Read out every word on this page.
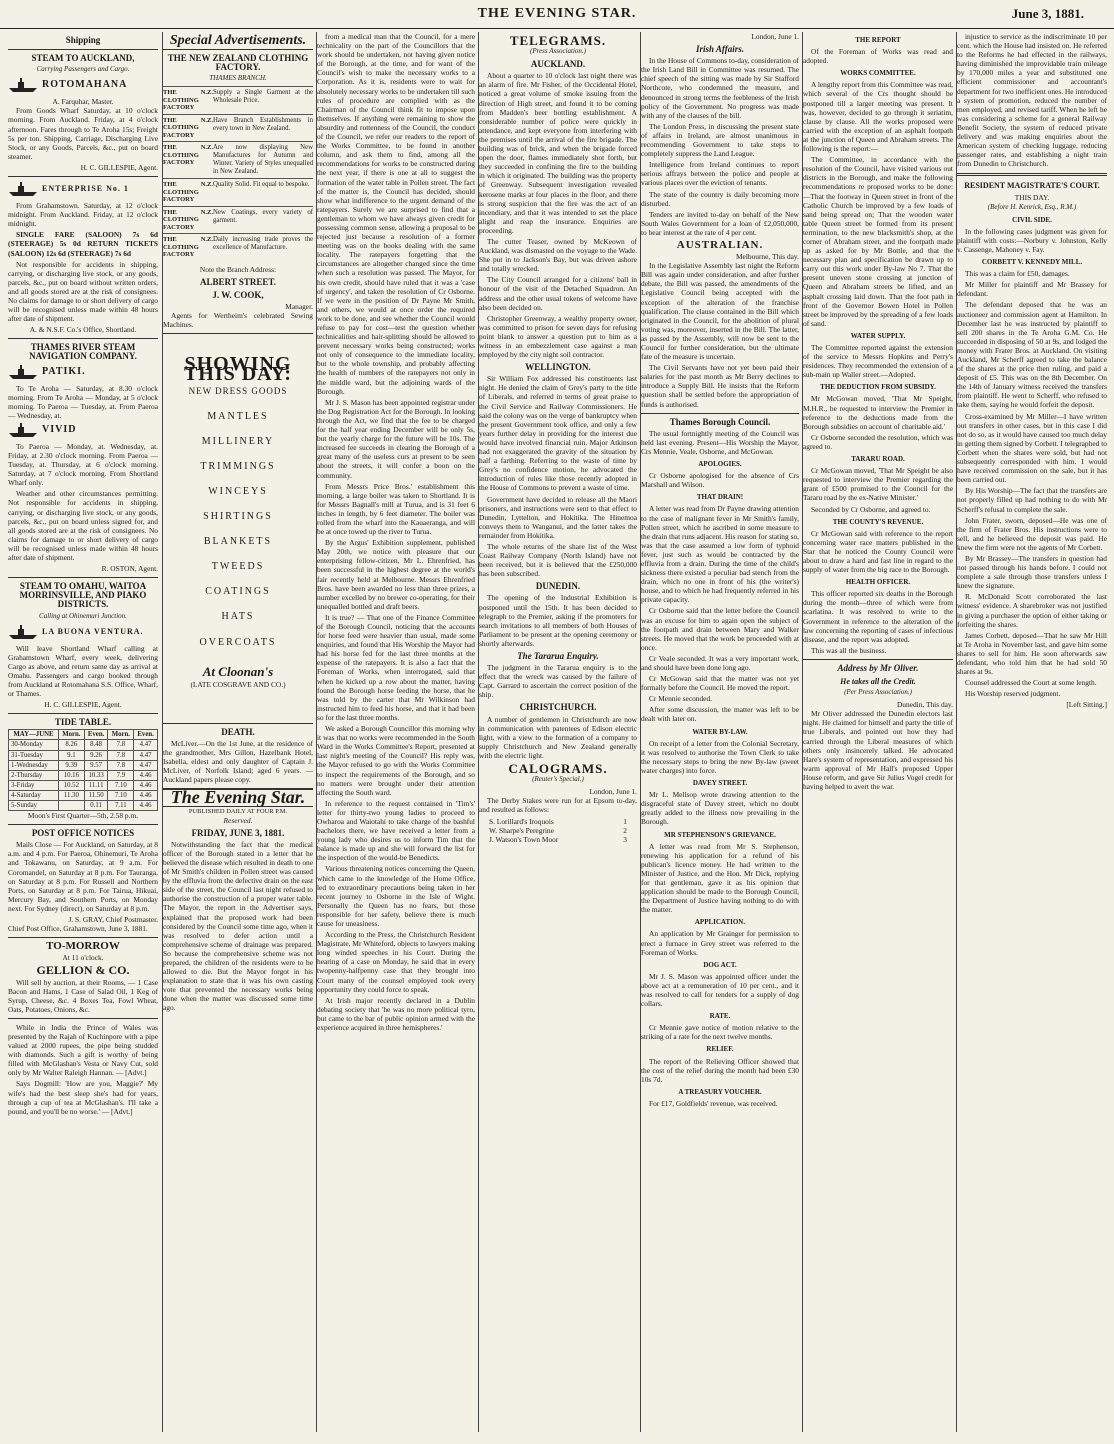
THE EVENING STAR.	June 3, 1881.
Shipping
STEAM TO AUCKLAND,
Carrying Passengers and Cargo.
ROTOMAHANA
A. Farquhar, Master.

From Goods Wharf Saturday, at 10 o'clock morning. From Auckland. Friday, at 4 o'clock afternoon. Fares through to Te Aroha 15s; Freight 5s per ton. Shipping, Carriage, Discharging Live Stock, or any Goods, Parcels, &c., put on board steamer.

H. C. GILLESPIE, Agent.
ENTERPRISE No. 1

From Grahamstown. Saturday, at 12 o'clock midnight. From Auckland. Friday, at 12 o'clock midnight.

SINGLE FARE (SALOON) 7s 6d (STEERAGE) 5s 0d RETURN TICKETS (SALOON) 12s 6d (STEERAGE) 7s 6d

Not responsible for accidents in shipping, carrying, or discharging live stock, or any goods, parcels, &c., put on board without written orders, and all goods stored are at the risk of consignees. No claims for damage to or short delivery of cargo will be recognised unless made within 48 hours after date of shipment.

A. & N.S.F. Co.'s Office, Shortland.
THAMES RIVER STEAM NAVIGATION COMPANY.
PATIKI.

To Te Aroha — Saturday, at 8.30 o'clock morning. From Te Aroha — Monday, at 5 o'clock morning. To Paeroa — Tuesday, at. From Paeroa — Wednesday, at.

VIVID

To Paeroa — Monday, at. Wednesday, at. Friday, at 2.30 o'clock morning. From Paeroa — Tuesday, at. Thursday, at 6 o'clock morning. Saturday, at 7 o'clock morning. From Shortland Wharf only.

Weather and other circumstances permitting. Not responsible for accidents in shipping, carrying, or discharging live stock, or any goods, parcels, &c., put on board unless signed for, and all goods stored are at the risk of consignees. No claims for damage to or short delivery of cargo will be recognised unless made within 48 hours after date of shipment.

R. OSTON, Agent.
STEAM TO OMAHU, WAITOA MORRINSVILLE, AND PIAKO DISTRICTS.
Calling at Ohinemuri Junction.
LA BUONA VENTURA.

Will leave Shortland Wharf calling at Grahamstown Wharf, every week, delivering Cargo as above, and return same day as arrival at Omahu. Passengers and cargo booked through from Auckland at Rotomahana S.S. Office, Wharf, or Thames.

H. C. GILLESPIE, Agent.
TIDE TABLE.
MAY—JUNE	Morn.	Even.	Morn.	Even.
30-Monday	8.26	8.48	7.8	4.47
31-Tuesday	9.1	9.26	7.8	4.47
1-Wednesday	9.39	9.57	7.8	4.47
2-Thursday	10.16	10.33	7.9	4.46
3-Friday	10.52	11.11	7.10	4.46
4-Saturday	11.30	11.50	7.10	4.46
5-Sunday		0.11	7.11	4.46
Moon's First Quarter—5th, 2.58 p.m.
POST OFFICE NOTICES

Mails Close — For Auckland, on Saturday, at 8 a.m. and 4 p.m. For Paeroa, Ohinemuri, Te Aroha and Tokawanu, on Saturday, at 9 a.m. For Coromandel, on Saturday at 8 p.m. For Tauranga, on Saturday at 8 p.m. For Russell and Northern Ports, on Saturday at 8 p.m. For Tairua, Hikuai, Mercury Bay, and Southern Ports, on Monday next. For Sydney (direct), on Saturday at 8 p.m.

J. S. GRAY, Chief Postmaster.
Chief Post Office, Grahamstown, June 3, 1881.
TO-MORROW
At 11 o'clock.
GELLION & CO.

Will sell by auction, at their Rooms, — 1 Case Bacon and Hams, 1 Case of Salad Oil, 1 Keg of Syrup, Cheese, &c. 4 Boxes Tea, Fowl Wheat, Oats, Potatoes, Onions, &c.

While in India the Prince of Wales was presented by the Rajah of Kuchinpore with a pipe valued at 2000 rupees, the pipe being studded with diamonds. Such a gift is worthy of being filled with McGlashan's Vesta or Navy Cut, sold only by Mr Walter Raleigh Hannan. — [Advt.]

Says Dogmill: 'How are you, Maggie?' My wife's had the best sleep she's had for years, through a cup of tea at McGlashan's. I'll take a pound, and you'll be no worse.' — [Advt.]

Special Advertisements.
THE NEW ZEALAND CLOTHING FACTORY.
THAMES BRANCH.
THE N.Z. CLOTHING FACTORY
Supply a Single Garment at the Wholesale Price.
THE N.Z. CLOTHING FACTORY
Have Branch Establishments in every town in New Zealand.
THE N.Z. CLOTHING FACTORY
Are now displaying New Manufactures for Autumn and Winter. Variety of Styles unequalled in New Zealand.
THE N.Z. CLOTHING FACTORY
Quality Solid. Fit equal to bespoke.
THE N.Z. CLOTHING FACTORY
New Coatings, every variety of garment.
THE N.Z. CLOTHING FACTORY
Daily increasing trade proves the excellence of Manufacture.
Note the Branch Address:
ALBERT STREET.
J. W. COOK,
Manager.

Agents for Wertheim's celebrated Sewing Machines.

SHOWING THIS DAY:
NEW DRESS GOODS
MANTLES
MILLINERY
TRIMMINGS
WINCEYS
SHIRTINGS
BLANKETS
TWEEDS
COATINGS
HATS
OVERCOATS
At Cloonan's
(LATE COSGRAVE AND CO.)
DEATH.

McLiver.—On the 1st June, at the residence of the grandmother, Mrs Gillon, Hazelbank Hotel, Isabella, eldest and only daughter of Captain J. McLiver, of Norfolk Island; aged 6 years. — Auckland papers please copy.

The Evening Star.
PUBLISHED DAILY AT FOUR P.M.
Reserved.
FRIDAY, JUNE 3, 1881.

Notwithstanding the fact that the medical officer of the Borough stated in a letter that he believed the disease which resulted in death to one of Mr Smith's children in Pollen street was caused by the effluvia from the defective drain on the east side of the street, the Council last night refused to authorise the construction of a proper water table. The Mayor, the report in the Advertiser says, explained that the proposed work had been considered by the Council some time ago, when it was resolved to defer action until a comprehensive scheme of drainage was prepared. So because the comprehensive scheme was not prepared, the children of the residents were to be allowed to die. But the Mayor forgot in his explanation to state that it was his own casting vote that prevented the necessary works being done when the matter was discussed some time ago.

from a medical man that the Council, for a mere technicality on the part of the Councillors that the work should be undertaken, not having given notice of the Borough, at the time, and for want of the Council's wish to make the necessary works to a Corporation. As it is, residents were to wait for absolutely necessary works to be undertaken till such rules of procedure are complied with as the Chairman of the Council think fit to impose upon themselves. If anything were remaining to show the absurdity and rottenness of the Council, the conduct of the Council, we refer our readers to the report of the Works Committee, to be found in another column, and ask them to find, among all the recommendations for works to be constructed during the next year, if there is one at all to suggest the formation of the water table in Pollen street. The fact of the matter is, the Council has decided, should show what indifference to the urgent demand of the ratepayers. Surely we are surprised to find that a gentleman to whom we have always given credit for possessing common sense, allowing a proposal to be rejected just because a resolution of a former meeting was on the books dealing with the same locality. The ratepayers forgetting that the circumstances are altogether changed since the time when such a resolution was passed. The Mayor, for his own credit, should have ruled that it was a 'case of urgency', and taken the resolution of Cr Osborne. If we were in the position of Dr Payne Mr Smith, and others, we would at once order the required work to be done, and see whether the Council would refuse to pay for cost—test the question whether technicalities and hair-splitting should be allowed to prevent necessary works being constructed; works not only of consequence to the immediate locality, but to the whole township, and probably affecting the health of numbers of the ratepayers not only in the middle ward, but the adjoining wards of the Borough.

Mr J. S. Mason has been appointed registrar under the Dog Registration Act for the Borough. In looking through the Act, we find that the fee to be charged for the half year ending December will be only 5s, but the yearly charge for the future will be 10s. The increased fee succeeds in clearing the Borough of a great many of the useless curs at present to be seen about the streets, it will confer a boon on the community.

From Messrs Price Bros.' establishment this morning, a large boiler was taken to Shortland. It is for Messrs Bagnall's mill at Turua, and is 31 feet 6 inches in length, by 6 feet diameter. The boiler was rolled from the wharf into the Kauaeranga, and will be at once towed up the river to Turua.

By the Argus' Exhibition supplement, published May 20th, we notice with pleasure that our enterprising fellow-citizen, Mr L. Ehrenfried, has been successful in the highest degree at the world's fair recently held at Melbourne. Messrs Ehrenfried Bros. have been awarded no less than three prizes, a number excelled by no brewer co-operating, for their unequalled bottled and draft beers.

It is true? — That one of the Finance Committee of the Borough Council, noticing that the accounts for horse feed were heavier than usual, made some enquiries, and found that His Worship the Mayor had had his horse fed for the last three months at the expense of the ratepayers. It is also a fact that the Foreman of Works, when interrogated, said that when he kicked up a row about the matter, having found the Borough horse feeding the horse, that he was told by the carter that Mr Wilkinson had instructed him to feed his horse, and that it had been so for the last three months.

We asked a Borough Councillor this morning why it was that no works were recommended in the South Ward in the Works Committee's Report, presented at last night's meeting of the Council? His reply was, the Mayor refused to go with the Works Committee to inspect the requirements of the Borough, and so no matters were brought under their attention affecting the South ward.

In reference to the request contained in 'Tim's' letter for thirty-two young ladies to proceed to Owharoa and Waiotahi to take charge of the bashful bachelors there, we have received a letter from a young lady who desires us to inform Tim that the balance is made up and she will forward the list for the inspection of the would-be Benedicts.

Various threatening notices concerning the Queen, which came to the knowledge of the Home Office, led to extraordinary precautions being taken in her recent journey to Osborne in the Isle of Wight. Personally the Queen has no fears, but those responsible for her safety, believe there is much cause for uneasiness.

According to the Press, the Christchurch Resident Magistrate, Mr Whiteford, objects to lawyers making long winded speeches in his Court. During the hearing of a case on Monday, he said that in every twopenny-halfpenny case that they brought into Court many of the counsel employed took every opportunity they could force to speak.

At Irish major recently declared in a Dublin debating society that 'he was no more political tyro, but came to the bar of public opinion armed with the experience acquired in three hemispheres.'

TELEGRAMS.
(Press Association.)
AUCKLAND.

About a quarter to 10 o'clock last night there was an alarm of fire. Mr Fisher, of the Occidental Hotel, noticed a great volume of smoke issuing from the direction of High street, and found it to be coming from Madden's beer bottling establishment. A considerable number of police were quickly in attendance, and kept everyone from interfering with the premises until the arrival of the fire brigade. The building was of brick, and when the brigade forced open the door, flames immediately shot forth, but they succeeded in confining the fire to the building in which it originated. The building was the property of Greenway. Subsequent investigation revealed kerosene marks at four places in the floor, and there is strong suspicion that the fire was the act of an incendiary, and that it was intended to set the place alight and reap the insurance. Enquiries are proceeding.

The cutter Teaser, owned by McKeown of Auckland, was dismasted on the voyage to the Wade. She put in to Jackson's Bay, but was driven ashore and totally wrecked.

The City Council arranged for a citizens' ball in honour of the visit of the Detached Squadron. An address and the other usual tokens of welcome have also been decided on.

Christopher Greenway, a wealthy property owner, was committed to prison for seven days for refusing point blank to answer a question put to him as a witness in an embezzlement case against a man employed by the city night soil contractor.

WELLINGTON.

Sir William Fox addressed his constituents last night. He denied the claim of Grey's party to the title of Liberals, and referred in terms of great praise to the Civil Service and Railway Commissioners. He said the colony was on the verge of bankruptcy when the present Government took office, and only a few years further delay in providing for the interest due would have involved financial ruin. Major Atkinson had not exaggerated the gravity of the situation by half a farthing. Referring to the waste of time by Grey's no confidence motion, he advocated the introduction of rules like those recently adopted in the House of Commons to prevent a waste of time.

Government have decided to release all the Maori prisoners, and instructions were sent to that effect to Dunedin, Lyttelton, and Hokitika. The Hinemoa conveys them to Wanganui, and the latter takes the remainder from Hokitika.

The whole returns of the share list of the West Coast Railway Company (North Island) have not been received, but it is believed that the £250,000 has been subscribed.

DUNEDIN.

The opening of the Industrial Exhibition is postponed until the 15th. It has been decided to telegraph to the Premier, asking if the promoters for search invitations to all members of both Houses of Parliament to be present at the opening ceremony or shortly afterwards.

The Tararua Enquiry.

The judgment in the Tararua enquiry is to the effect that the wreck was caused by the failure of Capt. Garrard to ascertain the correct position of the ship.

CHRISTCHURCH.

A number of gentlemen in Christchurch are now in communication with patentees of Edison electric light, with a view to the formation of a company to supply Christchurch and New Zealand generally with the electric light.

CALOGRAMS.
(Reuter's Special.)
London, June 1.

The Derby Stakes were run for at Epsom to-day, and resulted as follows:

S. Lorillard's Iroquois	1
W. Sharpe's Peregrine	2
J. Watson's Town Moor	3
London, June 1.
Irish Affairs.

In the House of Commons to-day, consideration of the Irish Land Bill in Committee was resumed. The chief speech of the sitting was made by Sir Stafford Northcote, who condemned the measure, and denounced in strong terms the feebleness of the Irish policy of the Government. No progress was made with any of the clauses of the bill.

The London Press, in discussing the present state of affairs in Ireland, are almost unanimous in recommending Government to take steps to completely suppress the Land League.

Intelligence from Ireland continues to report serious affrays between the police and people at various places over the eviction of tenants.

The state of the country is daily becoming more disturbed.

Tenders are invited to-day on behalf of the New South Wales Government for a loan of £2,050,000, to bear interest at the rate of 4 per cent.

AUSTRALIAN.
Melbourne, This day.

In the Legislative Assembly last night the Reform Bill was again under consideration, and after further debate, the Bill was passed, the amendments of the Legislative Council being accepted with the exception of the alteration of the franchise qualification. The clause contained in the Bill which originated in the Council, for the abolition of plural voting was, moreover, inserted in the Bill. The latter, as passed by the Assembly, will now be sent to the Council for further consideration, but the ultimate fate of the measure is uncertain.

The Civil Servants have not yet been paid their salaries for the past month as Mr Berry declines to introduce a Supply Bill. He insists that the Reform question shall be settled before the appropriation of funds is authorised.

Thames Borough Council.

The usual fortnightly meeting of the Council was held last evening. Present—His Worship the Mayor, Crs Mennie, Veale, Osborne, and McGowan.

APOLOGIES.

Cr Osborne apologised for the absence of Crs Marshall and Wilson.

THAT DRAIN!

A letter was read from Dr Payne drawing attention to the case of malignant fever in Mr Smith's family, Pollen street, which he ascribed in some measure to the drain that runs adjacent. His reason for stating so, was that the case assumed a low form of typhoid fever, just such as would be contracted by the effluvia from a drain. During the time of the child's sickness there existed a peculiar bad stench from the drain, which no one in front of his (the writer's) house, and to which he had frequently referred in his private capacity.

Cr Osborne said that the letter before the Council was an excuse for him to again open the subject of the footpath and drain between Mary and Walker streets. He moved that the work be proceeded with at once.

Cr Veale seconded. It was a very important work, and should have been done long ago.

Cr McGowan said that the matter was not yet formally before the Council. He moved the report.

Cr Mennie seconded.

After some discussion, the matter was left to be dealt with later on.

WATER BY-LAW.

On receipt of a letter from the Colonial Secretary, it was resolved to authorise the Town Clerk to take the necessary steps to bring the new By-law (sweet water charges) into force.

DAVEY STREET.

Mr L. Mellsop wrote drawing attention to the disgraceful state of Davey street, which no doubt greatly added to the illness now prevailing in the Borough.

MR STEPHENSON'S GRIEVANCE.

A letter was read from Mr S. Stephenson, renewing his application for a refund of his publican's licence money. He had written to the Minister of Justice, and the Hon. Mr Dick, replying for that gentleman, gave it as his opinion that application should be made to the Borough Council, the Department of Justice having nothing to do with the matter.

APPLICATION.

An application by Mr Grainger for permission to erect a furnace in Grey street was referred to the Foreman of Works.

DOG ACT.

Mr J. S. Mason was appointed officer under the above act at a remuneration of 10 per cent., and it was resolved to call for tenders for a supply of dog collars.

RATE.

Cr Mennie gave notice of motion relative to the striking of a rate for the next twelve months.

RELIEF.

The report of the Relieving Officer showed that the cost of the relief during the month had been £30 10s 7d.

A TREASURY VOUCHER.

For £17, Goldfields' revenue, was received.

THE REPORT

Of the Foreman of Works was read and adopted.

WORKS COMMITTEE.

A lengthy report from this Committee was read, which several of the Crs thought should be postponed till a larger meeting was present. It was, however, decided to go through it seriatim, clause by clause. All the works proposed were carried with the exception of an asphalt footpath at the junction of Queen and Abraham streets. The following is the report:—

The Committee, in accordance with the resolution of the Council, have visited various out districts in the Borough, and make the following recommendations re proposed works to be done:—That the footway in Queen street in front of the Catholic Church be improved by a few loads of sand being spread on; That the wooden water table Queen street be formed from its present termination, to the new blacksmith's shop, at the corner of Abraham street, and the footpath made up as asked for by Mr Bottle, and that the necessary plan and specification be drawn up to carry out this work under By-law No 7. That the present uneven stone crossing at junction of Queen and Abraham streets be lifted, and an asphalt crossing laid down. That the foot path in front of the Governor Bowen Hotel in Pollen street be improved by the spreading of a few loads of sand.

WATER SUPPLY.

The Committee reported against the extension of the service to Messrs Hopkins and Perry's residences. They recommended the extension of a sub-main up Waller street.—Adopted.

THE DEDUCTION FROM SUBSIDY.

Mr McGowan moved, 'That Mr Speight, M.H.R., be requested to interview the Premier in reference to the deductions made from the Borough subsidies on account of charitable aid.'

Cr Osborne seconded the resolution, which was agreed to.

TARARU ROAD.

Cr McGowan moved, 'That Mr Speight be also requested to interview the Premier regarding the grant of £500 promised to the Council for the Tararu road by the ex-Native Minister.'

Seconded by Cr Osborne, and agreed to.

THE COUNTY'S REVENUE.

Cr McGowan said with reference to the report concerning water race matters published in the Star that he noticed the County Council were about to draw a hard and fast line in regard to the supply of water from the big race to the Borough.

HEALTH OFFICER.

This officer reported six deaths in the Borough during the month—three of which were from scarlatina. It was resolved to write to the Government in reference to the alteration of the law concerning the reporting of cases of infectious disease, and the report was adopted.

This was all the business.

Address by Mr Oliver.
He takes all the Credit.
(Per Press Association.)
Dunedin, This day.

Mr Oliver addressed the Dunedin electors last night. He claimed for himself and party the title of true Liberals, and pointed out how they had carried through the Liberal measures of which others only insincerely talked. He advocated Hare's system of representation, and expressed his warm approval of Mr Hall's proposed Upper House reform, and gave Sir Julius Vogel credit for having helped to avert the war.

injustice to service as the indiscriminate 10 per cent. which the House had insisted on. He referred to the Reforms he had effected in the railways, having diminished the improvidable train mileage by 170,000 miles a year and substituted one efficient commissioner and accountant's department for two inefficient ones. He introduced a system of promotion, reduced the number of men employed, and revised tariff. When he left he was considering a scheme for a general Railway Benefit Society, the system of reduced private delivery and was making enquiries about the American system of checking luggage, reducing passenger rates, and establishing a night train from Dunedin to Christchurch.

RESIDENT MAGISTRATE'S COURT.
THIS DAY.
(Before H. Kenrick, Esq., R.M.)
CIVIL SIDE.

In the following cases judgment was given for plaintiff with costs:—Norbury v. Johnston, Kelly v. Cassenge, Mahoney v. Fay.

CORBETT V. KENNEDY MILL.

This was a claim for £50, damages.

Mr Miller for plaintiff and Mr Brassey for defendant.

The defendant deposed that he was an auctioneer and commission agent at Hamilton. In December last he was instructed by plaintiff to sell 200 shares in the Te Aroha G.M. Co. He succeeded in disposing of 50 at 9s, and lodged the money with Frater Bros. at Auckland. On visiting Auckland, Mr Scherff agreed to take the balance of the shares at the price then ruling, and paid a deposit of £5. This was on the 8th December. On the 14th of January witness received the transfers from plaintiff. He went to Scherff, who refused to take them, saying he would forfeit the deposit.

Cross-examined by Mr Miller—I have written out transfers in other cases, but in this case I did not do so, as it would have caused too much delay in getting them signed by Corbett. I telegraphed to Corbett when the shares were sold, but had not subsequently corresponded with him. I would have received commission on the sale, but it has been carried out.

By His Worship—The fact that the transfers are not properly filled up had nothing to do with Mr Scherff's refusal to complete the sale.

John Frater, sworn, deposed—He was one of the firm of Frater Bros. His instructions were to sell, and he believed the deposit was paid. He knew the firm were not the agents of Mr Corbett.

By Mr Brassey—The transfers in question had not passed through his hands before. I could not complete a sale through those transfers unless I knew the signature.

R. McDonald Scott corroborated the last witness' evidence. A sharebroker was not justified in giving a purchaser the option of either taking or forfeiting the shares.

James Corbett, deposed—That he saw Mr Hill at Te Aroha in November last, and gave him some shares to sell for him. He soon afterwards saw defendant, who told him that he had sold 50 shares at 9s.

Counsel addressed the Court at some length.

His Worship reserved judgment.

[Left Sitting.]
